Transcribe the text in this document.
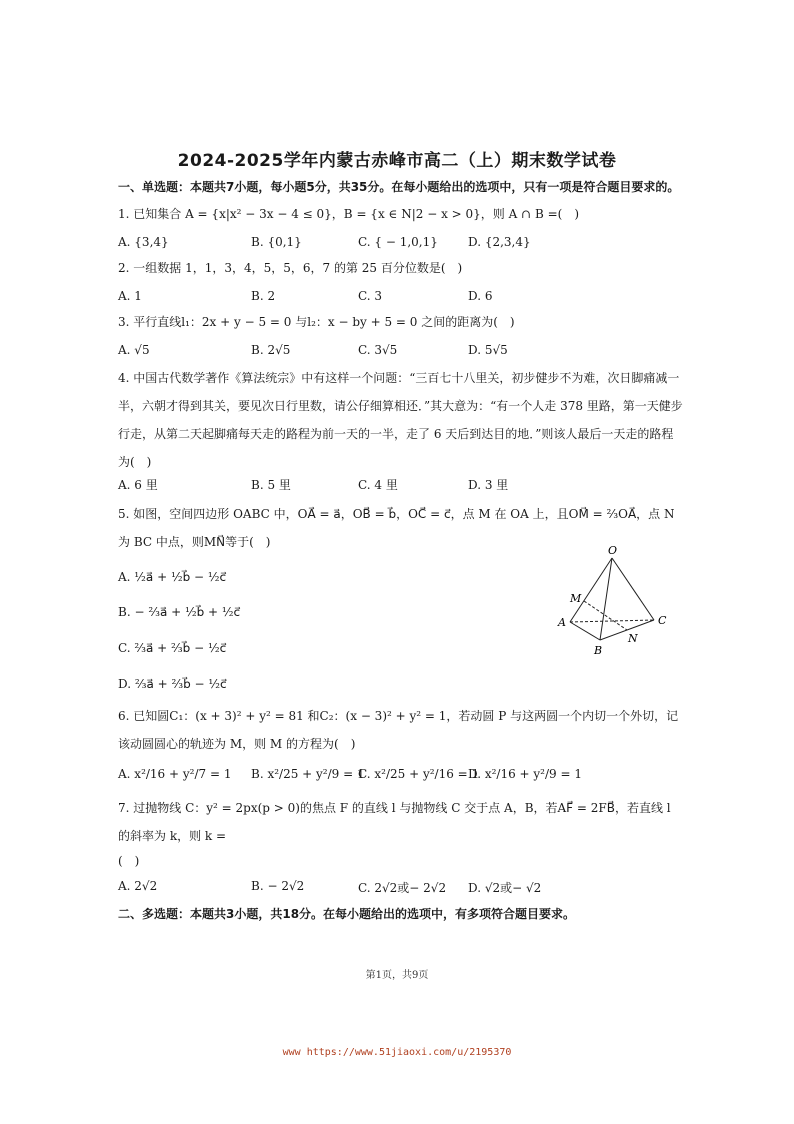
2024-2025学年内蒙古赤峰市高二（上）期末数学试卷
一、单选题：本题共7小题，每小题5分，共35分。在每小题给出的选项中，只有一项是符合题目要求的。
1. 已知集合 A = {x|x² − 3x − 4 ≤ 0}，B = {x ∈ N|2 − x > 0}，则 A ∩ B =(　)
A. {3,4}	B. {0,1}	C. { − 1,0,1}	D. {2,3,4}
2. 一组数据 1，1，3，4，5，5，6，7 的第 25 百分位数是(　)
A. 1	B. 2	C. 3	D. 6
3. 平行直线l₁：2x + y − 5 = 0 与l₂：x − by + 5 = 0 之间的距离为(　)
A. √5	B. 2√5	C. 3√5	D. 5√5
4. 中国古代数学著作《算法统宗》中有这样一个问题：“三百七十八里关，初步健步不为难，次日脚痛减一半，六朝才得到其关，要见次日行里数，请公仔细算相还．”其大意为：“有一个人走 378 里路，第一天健步行走，从第二天起脚痛每天走的路程为前一天的一半，走了 6 天后到达目的地．”则该人最后一天走的路程为(　)
A. 6 里	B. 5 里	C. 4 里	D. 3 里
5. 如图，空间四边形 OABC 中，OA⃗ = a⃗，OB⃗ = b⃗，OC⃗ = c⃗，点 M 在 OA 上，且OM⃗ = ⅔OA⃗，点 N 为 BC 中点，则MN⃗等于(　)
A. ½a⃗ + ½b⃗ − ½c⃗
B. − ⅔a⃗ + ½b⃗ + ½c⃗
C. ⅔a⃗ + ⅔b⃗ − ½c⃗
D. ⅔a⃗ + ⅔b⃗ − ½c⃗
O
M
A
B
N
C
6. 已知圆C₁：(x + 3)² + y² = 81 和C₂：(x − 3)² + y² = 1，若动圆 P 与这两圆一个内切一个外切，记该动圆圆心的轨迹为 M，则 M 的方程为(　)
A. x²/16 + y²/7 = 1 B. x²/25 + y²/9 = 1
C. x²/25 + y²/16 = 1
D. x²/16 + y²/9 = 1
7. 过抛物线 C：y² = 2px(p > 0)的焦点 F 的直线 l 与抛物线 C 交于点 A，B，若AF⃗ = 2FB⃗，若直线 l 的斜率为 k，则 k =
(　)
A. 2√2	B. − 2√2	C. 2√2或− 2√2 D. √2或− √2
二、多选题：本题共3小题，共18分。在每小题给出的选项中，有多项符合题目要求。
第1页，共9页
www https://www.51jiaoxi.com/u/2195370
